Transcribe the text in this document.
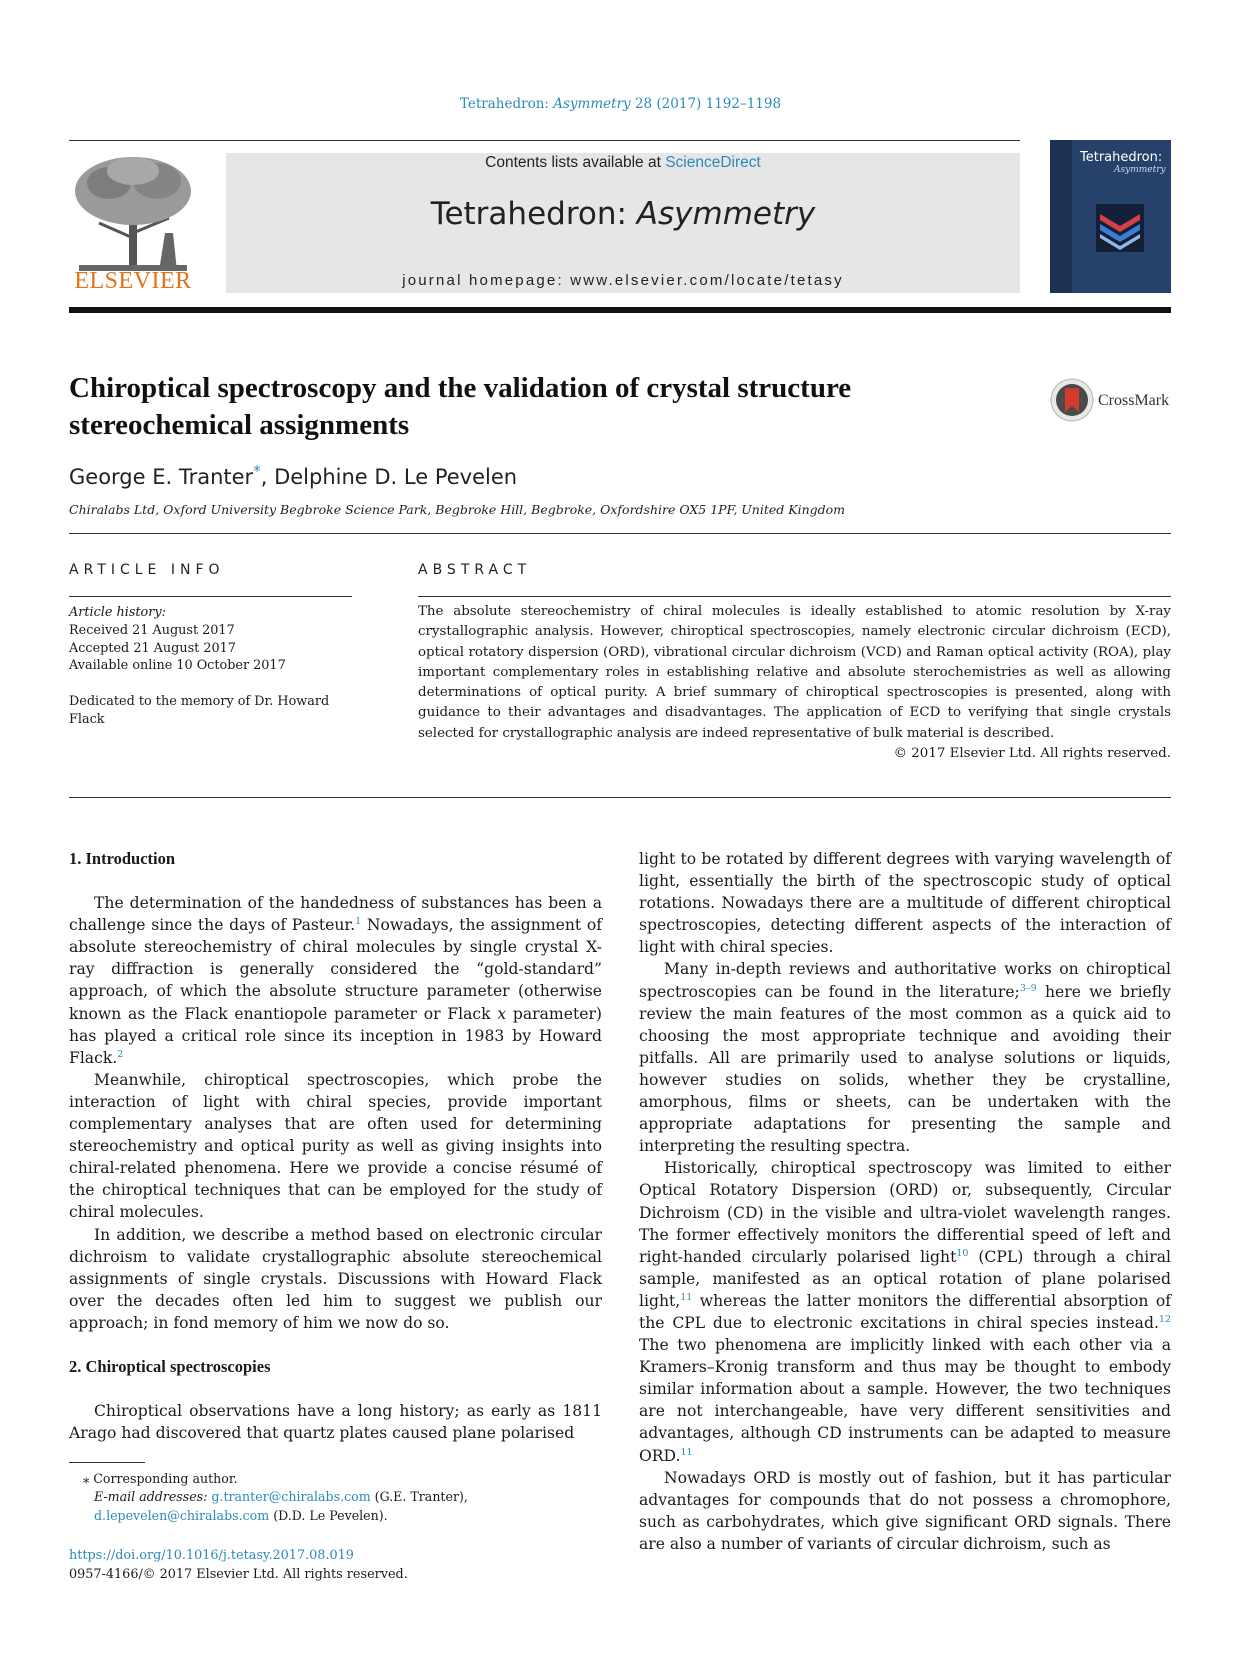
Tetrahedron: Asymmetry 28 (2017) 1192–1198
ELSEVIER
Contents lists available at ScienceDirect
Tetrahedron: Asymmetry
journal homepage: www.elsevier.com/locate/tetasy
Tetrahedron:
Asymmetry
Chiroptical spectroscopy and the validation of crystal structure
stereochemical assignments
CrossMark
George E. Tranter*, Delphine D. Le Pevelen
Chiralabs Ltd, Oxford University Begbroke Science Park, Begbroke Hill, Begbroke, Oxfordshire OX5 1PF, United Kingdom
ARTICLE INFO
Article history:
Received 21 August 2017
Accepted 21 August 2017
Available online 10 October 2017
Dedicated to the memory of Dr. Howard
Flack
ABSTRACT
The absolute stereochemistry of chiral molecules is ideally established to atomic resolution by X-ray crystallographic analysis. However, chiroptical spectroscopies, namely electronic circular dichroism (ECD), optical rotatory dispersion (ORD), vibrational circular dichroism (VCD) and Raman optical activity (ROA), play important complementary roles in establishing relative and absolute sterochemistries as well as allowing determinations of optical purity. A brief summary of chiroptical spectroscopies is presented, along with guidance to their advantages and disadvantages. The application of ECD to verifying that single crystals selected for crystallographic analysis are indeed representative of bulk material is described.
© 2017 Elsevier Ltd. All rights reserved.
1. Introduction

The determination of the handedness of substances has been a challenge since the days of Pasteur.$^1$ Nowadays, the assignment of absolute stereochemistry of chiral molecules by single crystal X-ray diffraction is generally considered the “gold-standard” approach, of which the absolute structure parameter (otherwise known as the Flack enantiopole parameter or Flack x parameter) has played a critical role since its inception in 1983 by Howard Flack.$^2$

Meanwhile, chiroptical spectroscopies, which probe the interaction of light with chiral species, provide important complementary analyses that are often used for determining stereochemistry and optical purity as well as giving insights into chiral-related phenomena. Here we provide a concise résumé of the chiroptical techniques that can be employed for the study of chiral molecules.

In addition, we describe a method based on electronic circular dichroism to validate crystallographic absolute stereochemical assignments of single crystals. Discussions with Howard Flack over the decades often led him to suggest we publish our approach; in fond memory of him we now do so.

2. Chiroptical spectroscopies

Chiroptical observations have a long history; as early as 1811 Arago had discovered that quartz plates caused plane polarised

light to be rotated by different degrees with varying wavelength of light, essentially the birth of the spectroscopic study of optical rotations. Nowadays there are a multitude of different chiroptical spectroscopies, detecting different aspects of the interaction of light with chiral species.

Many in-depth reviews and authoritative works on chiroptical spectroscopies can be found in the literature;$^{3-9}$ here we briefly review the main features of the most common as a quick aid to choosing the most appropriate technique and avoiding their pitfalls. All are primarily used to analyse solutions or liquids, however studies on solids, whether they be crystalline, amorphous, films or sheets, can be undertaken with the appropriate adaptations for presenting the sample and interpreting the resulting spectra.

Historically, chiroptical spectroscopy was limited to either Optical Rotatory Dispersion (ORD) or, subsequently, Circular Dichroism (CD) in the visible and ultra-violet wavelength ranges. The former effectively monitors the differential speed of left and right-handed circularly polarised light$^{10}$ (CPL) through a chiral sample, manifested as an optical rotation of plane polarised light,$^{11}$ whereas the latter monitors the differential absorption of the CPL due to electronic excitations in chiral species instead.$^{12}$ The two phenomena are implicitly linked with each other via a Kramers–Kronig transform and thus may be thought to embody similar information about a sample. However, the two techniques are not interchangeable, have very different sensitivities and advantages, although CD instruments can be adapted to measure ORD.$^{11}$

Nowadays ORD is mostly out of fashion, but it has particular advantages for compounds that do not possess a chromophore, such as carbohydrates, which give significant ORD signals. There are also a number of variants of circular dichroism, such as

⁎ Corresponding author.
E-mail addresses: g.tranter@chiralabs.com (G.E. Tranter), d.lepevelen@chiralabs.com (D.D. Le Pevelen).
https://doi.org/10.1016/j.tetasy.2017.08.019
0957-4166/© 2017 Elsevier Ltd. All rights reserved.
